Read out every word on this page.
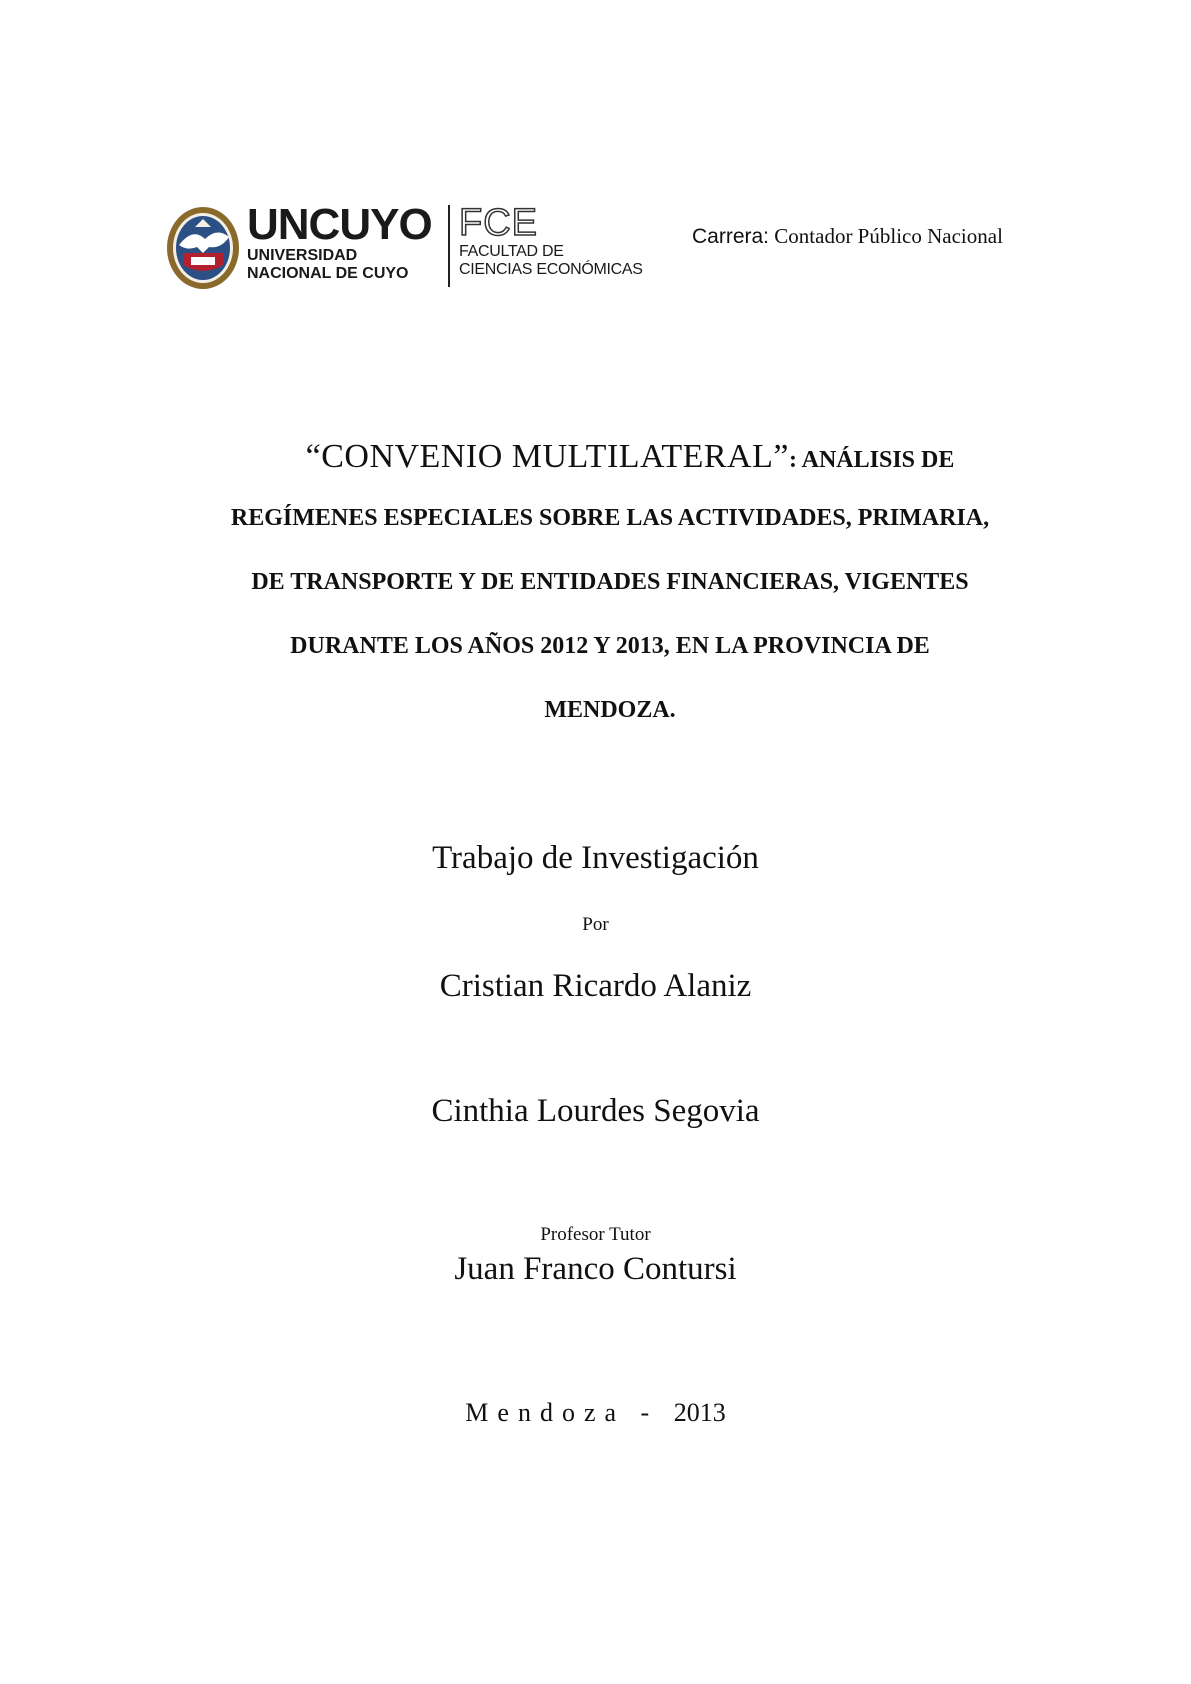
UNCUYO

UNIVERSIDAD

NACIONAL DE CUYO

FCE

FACULTAD DE

CIENCIAS ECONÓMICAS

Carrera: Contador Público Nacional
“CONVENIO MULTILATERAL”: ANÁLISIS DE
REGÍMENES ESPECIALES SOBRE LAS ACTIVIDADES, PRIMARIA,
DE TRANSPORTE Y DE ENTIDADES FINANCIERAS, VIGENTES
DURANTE LOS AÑOS 2012 Y 2013, EN LA PROVINCIA DE
MENDOZA.

Trabajo de Investigación

Por

Cristian Ricardo Alaniz

Cinthia Lourdes Segovia

Profesor Tutor

Juan Franco Contursi

Mendoza - 2013
